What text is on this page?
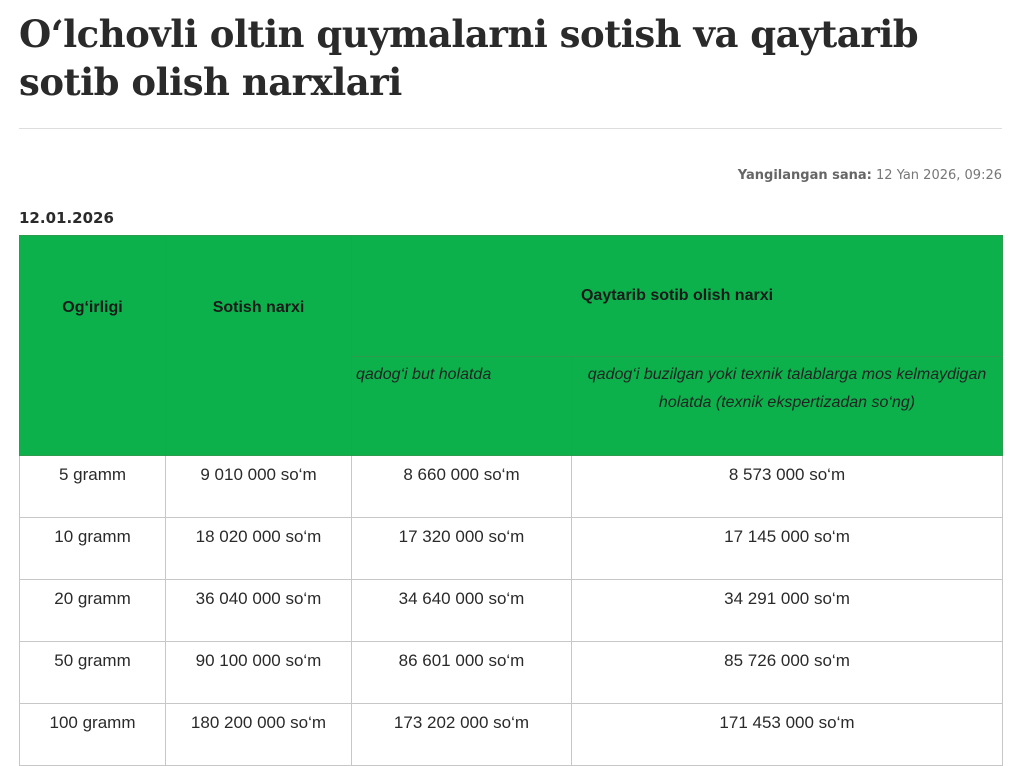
O‘lchovli oltin quymalarni sotish va qaytarib sotib olish narxlari
Yangilangan sana: 12 Yan 2026, 09:26
12.01.2026
Og‘irligi	Sotish narxi	Qaytarib sotib olish narxi	
		qadog‘i but holatda	qadog‘i buzilgan yoki texnik talablarga mos kelmaydigan holatda (texnik ekspertizadan so‘ng)
5 gramm	9 010 000 so‘m	8 660 000 so‘m	8 573 000 so‘m
10 gramm	18 020 000 so‘m	17 320 000 so‘m	17 145 000 so‘m
20 gramm	36 040 000 so‘m	34 640 000 so‘m	34 291 000 so‘m
50 gramm	90 100 000 so‘m	86 601 000 so‘m	85 726 000 so‘m
100 gramm	180 200 000 so‘m	173 202 000 so‘m	171 453 000 so‘m
